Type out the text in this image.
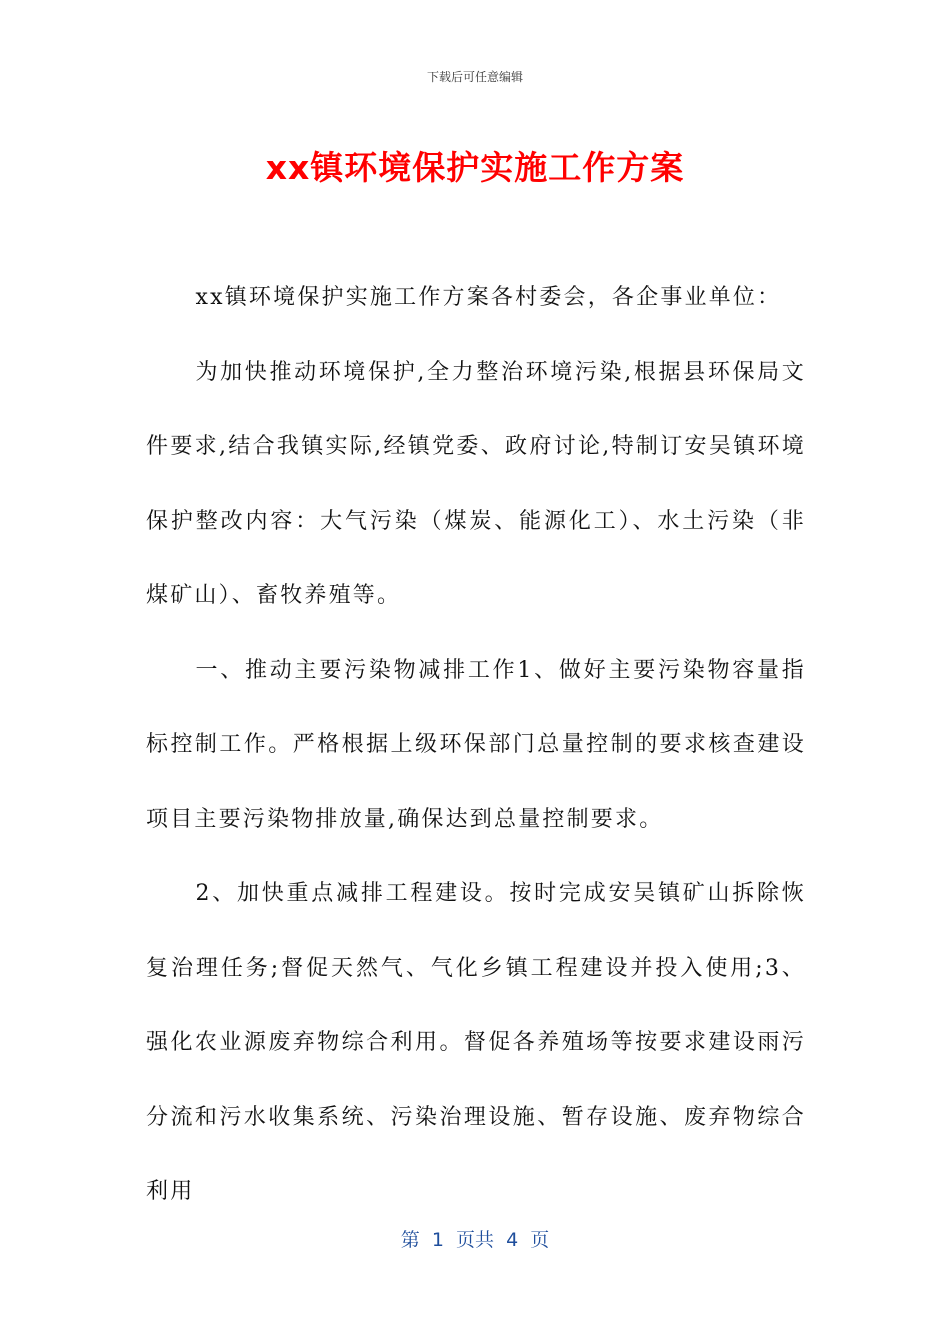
下载后可任意编辑
xx镇环境保护实施工作方案

xx镇环境保护实施工作方案各村委会，各企事业单位：

为加快推动环境保护,全力整治环境污染,根据县环保局文件要求,结合我镇实际,经镇党委、政府讨论,特制订安吴镇环境保护整改内容：大气污染（煤炭、能源化工）、水土污染（非煤矿山）、畜牧养殖等。

一、推动主要污染物减排工作1、做好主要污染物容量指标控制工作。严格根据上级环保部门总量控制的要求核查建设项目主要污染物排放量,确保达到总量控制要求。

2、加快重点减排工程建设。按时完成安吴镇矿山拆除恢复治理任务;督促天然气、气化乡镇工程建设并投入使用;3、强化农业源废弃物综合利用。督促各养殖场等按要求建设雨污分流和污水收集系统、污染治理设施、暂存设施、废弃物综合利用

第  1  页共  4  页
